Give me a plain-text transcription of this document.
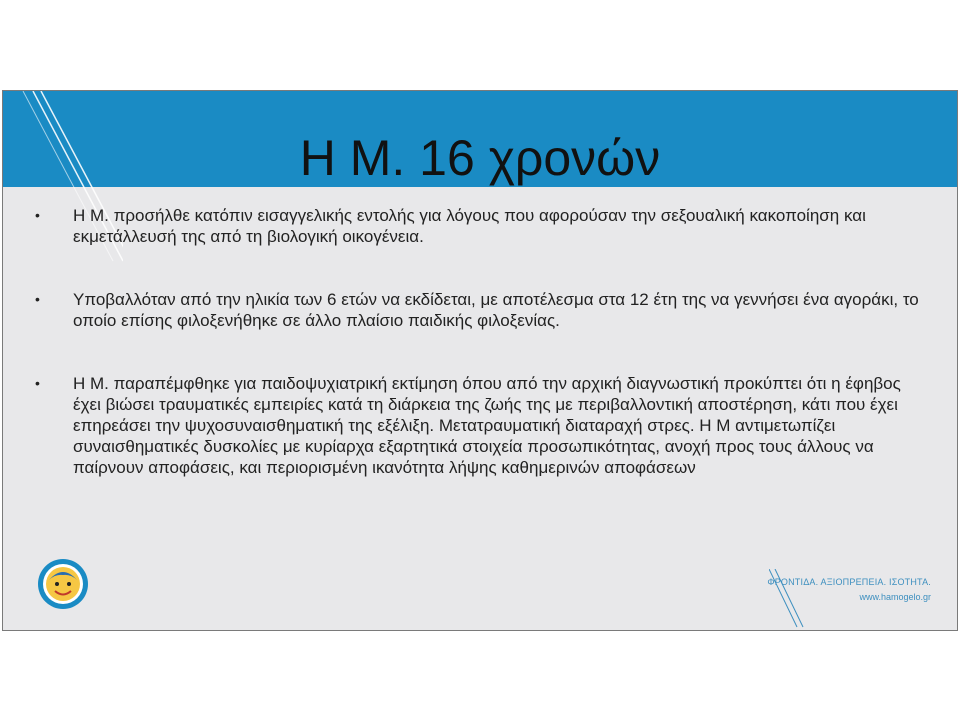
Η Μ. 16 χρονών
•	Η Μ. προσήλθε κατόπιν εισαγγελικής εντολής για λόγους που αφορούσαν την σεξουαλική κακοποίηση και εκμετάλλευσή της από τη βιολογική οικογένεια.
•	Υποβαλλόταν από την ηλικία των 6 ετών να εκδίδεται, με αποτέλεσμα στα 12 έτη της να γεννήσει ένα αγοράκι, το οποίο επίσης φιλοξενήθηκε σε άλλο πλαίσιο παιδικής φιλοξενίας.
•	Η Μ. παραπέμφθηκε για παιδοψυχιατρική εκτίμηση όπου από την αρχική διαγνωστική προκύπτει ότι η έφηβος έχει βιώσει τραυματικές εμπειρίες κατά τη διάρκεια της ζωής της με περιβαλλοντική αποστέρηση, κάτι που έχει επηρεάσει την ψυχοσυναισθηματική της εξέλιξη. Μετατραυματική διαταραχή στρες. Η Μ αντιμετωπίζει συναισθηματικές δυσκολίες με κυρίαρχα εξαρτητικά στοιχεία προσωπικότητας, ανοχή προς τους άλλους να παίρνουν αποφάσεις, και περιορισμένη ικανότητα λήψης καθημερινών αποφάσεων
ΦΡΟΝΤΙΔΑ. ΑΞΙΟΠΡΕΠΕΙΑ. ΙΣΟΤΗΤΑ.
www.hamogelo.gr
